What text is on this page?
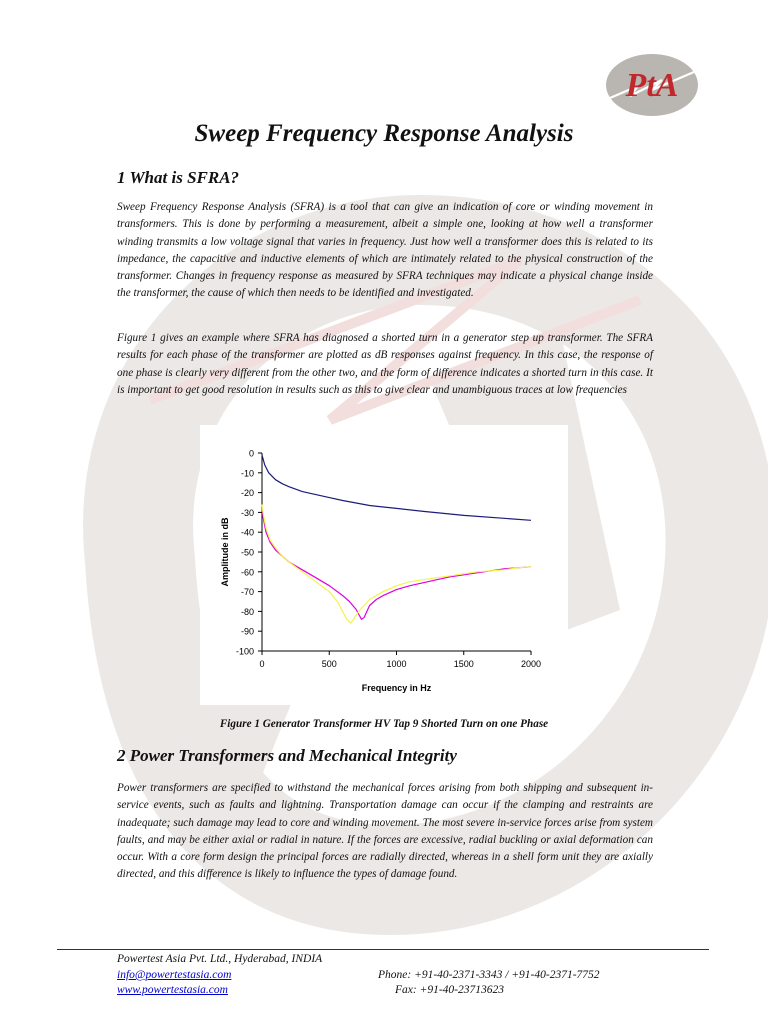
PtA
Sweep Frequency Response Analysis
1 What is SFRA?

Sweep Frequency Response Analysis (SFRA) is a tool that can give an indication of core or winding movement in transformers. This is done by performing a measurement, albeit a simple one, looking at how well a transformer winding transmits a low voltage signal that varies in frequency. Just how well a transformer does this is related to its impedance, the capacitive and inductive elements of which are intimately related to the physical construction of the transformer. Changes in frequency response as measured by SFRA techniques may indicate a physical change inside the transformer, the cause of which then needs to be identified and investigated.

Figure 1 gives an example where SFRA has diagnosed a shorted turn in a generator step up transformer. The SFRA results for each phase of the transformer are plotted as dB responses against frequency. In this case, the response of one phase is clearly very different from the other two, and the form of difference indicates a shorted turn in this case. It is important to get good resolution in results such as this to give clear and unambiguous traces at low frequencies

0
-10
-20
-30
-40
-50
-60
-70
-80
-90
-100
0	500	1000	1500	2000
Frequency in Hz
Amplitude in dB

Figure 1 Generator Transformer HV Tap 9 Shorted Turn on one Phase

2 Power Transformers and Mechanical Integrity

Power transformers are specified to withstand the mechanical forces arising from both shipping and subsequent in-service events, such as faults and lightning. Transportation damage can occur if the clamping and restraints are inadequate; such damage may lead to core and winding movement. The most severe in-service forces arise from system faults, and may be either axial or radial in nature. If the forces are excessive, radial buckling or axial deformation can occur. With a core form design the principal forces are radially directed, whereas in a shell form unit they are axially directed, and this difference is likely to influence the types of damage found.

Powertest Asia Pvt. Ltd., Hyderabad, INDIA
info@powertestasia.com
www.powertestasia.com
Phone: +91-40-2371-3343 / +91-40-2371-7752
Fax: +91-40-23713623
